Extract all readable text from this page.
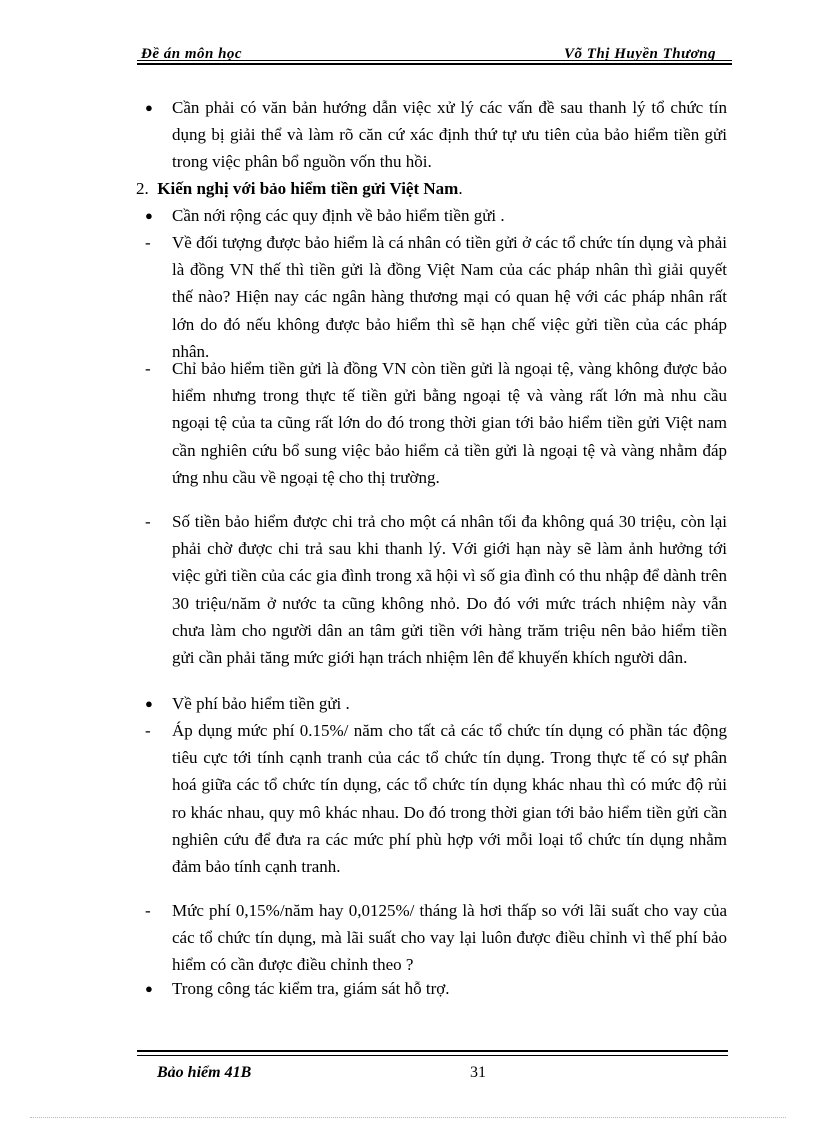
Đề án môn học	Võ Thị Huyền Thương
● Cần phải có văn bản hướng dẫn việc xử lý các vấn đề sau thanh lý tổ chức tín dụng bị giải thể và làm rõ căn cứ xác định thứ tự ưu tiên của bảo hiểm tiền gửi trong việc phân bổ nguồn vốn thu hồi.
2. Kiến nghị với bảo hiểm tiền gửi Việt Nam.
● Cần nới rộng các quy định về bảo hiểm tiền gửi .
- Về đối tượng được bảo hiểm là cá nhân có tiền gửi ở các tổ chức tín dụng và phải là đồng VN thế thì tiền gửi là đồng Việt Nam của các pháp nhân thì giải quyết thế nào? Hiện nay các ngân hàng thương mại có quan hệ với các pháp nhân rất lớn do đó nếu không được bảo hiểm thì sẽ hạn chế việc gửi tiền của các pháp nhân.
- Chỉ bảo hiểm tiền gửi là đồng VN còn tiền gửi là ngoại tệ, vàng không được bảo hiểm nhưng trong thực tế tiền gửi bằng ngoại tệ và vàng rất lớn mà nhu cầu ngoại tệ của ta cũng rất lớn do đó trong thời gian tới bảo hiểm tiền gửi Việt nam cần nghiên cứu bổ sung việc bảo hiểm cả tiền gửi là ngoại tệ và vàng nhằm đáp ứng nhu cầu về ngoại tệ cho thị trường.
- Số tiền bảo hiểm được chi trả cho một cá nhân tối đa không quá 30 triệu, còn lại phải chờ được chi trả sau khi thanh lý. Với giới hạn này sẽ làm ảnh hưởng tới việc gửi tiền của các gia đình trong xã hội vì số gia đình có thu nhập để dành trên 30 triệu/năm ở nước ta cũng không nhỏ. Do đó với mức trách nhiệm này vẫn chưa làm cho người dân an tâm gửi tiền với hàng trăm triệu nên bảo hiểm tiền gửi cần phải tăng mức giới hạn trách nhiệm lên để khuyến khích người dân.
● Về phí bảo hiểm tiền gửi .
- Áp dụng mức phí 0.15%/ năm cho tất cả các tổ chức tín dụng có phần tác động tiêu cực tới tính cạnh tranh của các tổ chức tín dụng. Trong thực tế có sự phân hoá giữa các tổ chức tín dụng, các tổ chức tín dụng khác nhau thì có mức độ rủi ro khác nhau, quy mô khác nhau. Do đó trong thời gian tới bảo hiểm tiền gửi cần nghiên cứu để đưa ra các mức phí phù hợp với mỗi loại tổ chức tín dụng nhằm đảm bảo tính cạnh tranh.
- Mức phí 0,15%/năm hay 0,0125%/ tháng là hơi thấp so với lãi suất cho vay của các tổ chức tín dụng, mà lãi suất cho vay lại luôn được điều chỉnh vì thế phí bảo hiểm có cần được điều chỉnh theo ?
● Trong công tác kiểm tra, giám sát hỗ trợ.
Bảo hiểm 41B	31
